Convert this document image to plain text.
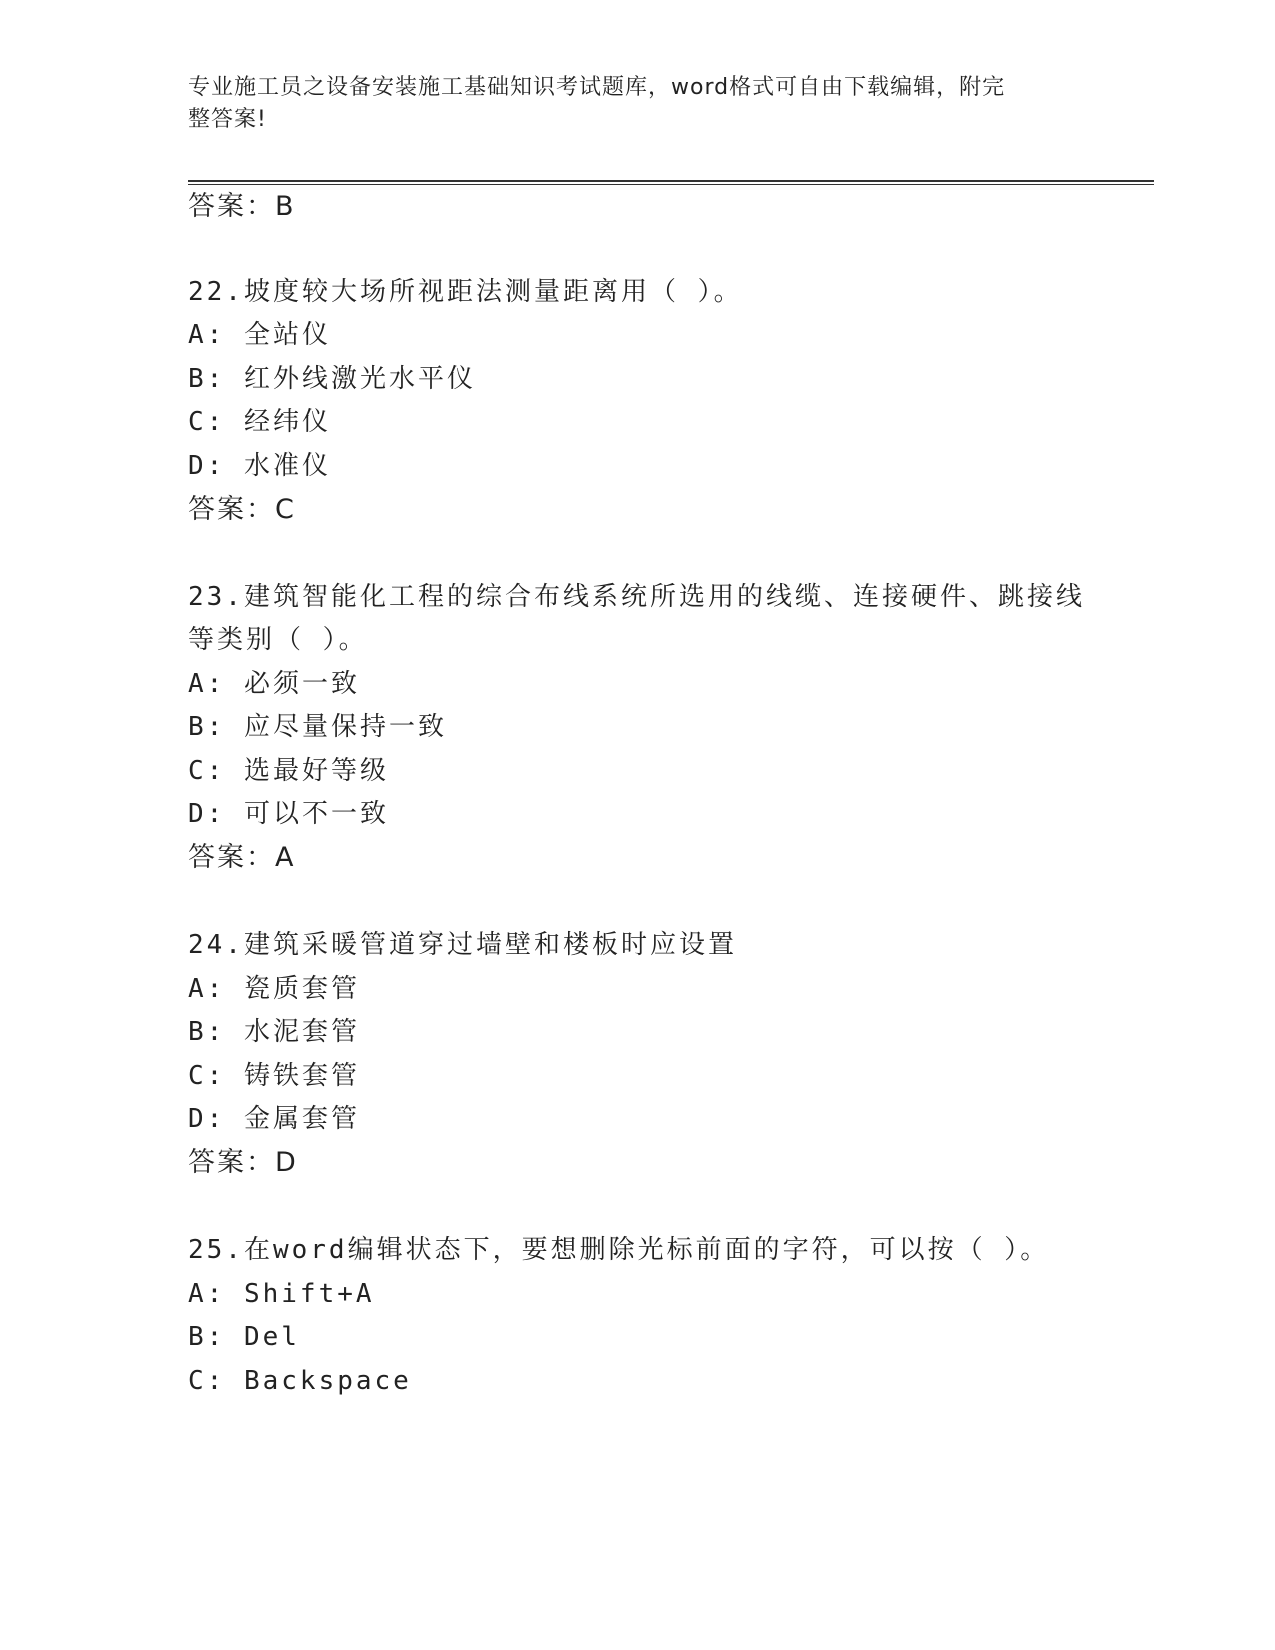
专业施工员之设备安装施工基础知识考试题库，word格式可自由下载编辑，附完
整答案!
答案：B
22.坡度较大场所视距法测量距离用（ ）。
A: 全站仪
B: 红外线激光水平仪
C: 经纬仪
D: 水准仪
答案：C
23.建筑智能化工程的综合布线系统所选用的线缆、连接硬件、跳接线
等类别（ ）。
A: 必须一致
B: 应尽量保持一致
C: 选最好等级
D: 可以不一致
答案：A
24.建筑采暖管道穿过墙壁和楼板时应设置
A: 瓷质套管
B: 水泥套管
C: 铸铁套管
D: 金属套管
答案：D
25.在word编辑状态下，要想删除光标前面的字符，可以按（ ）。
A: Shift+A
B: Del
C: Backspace
